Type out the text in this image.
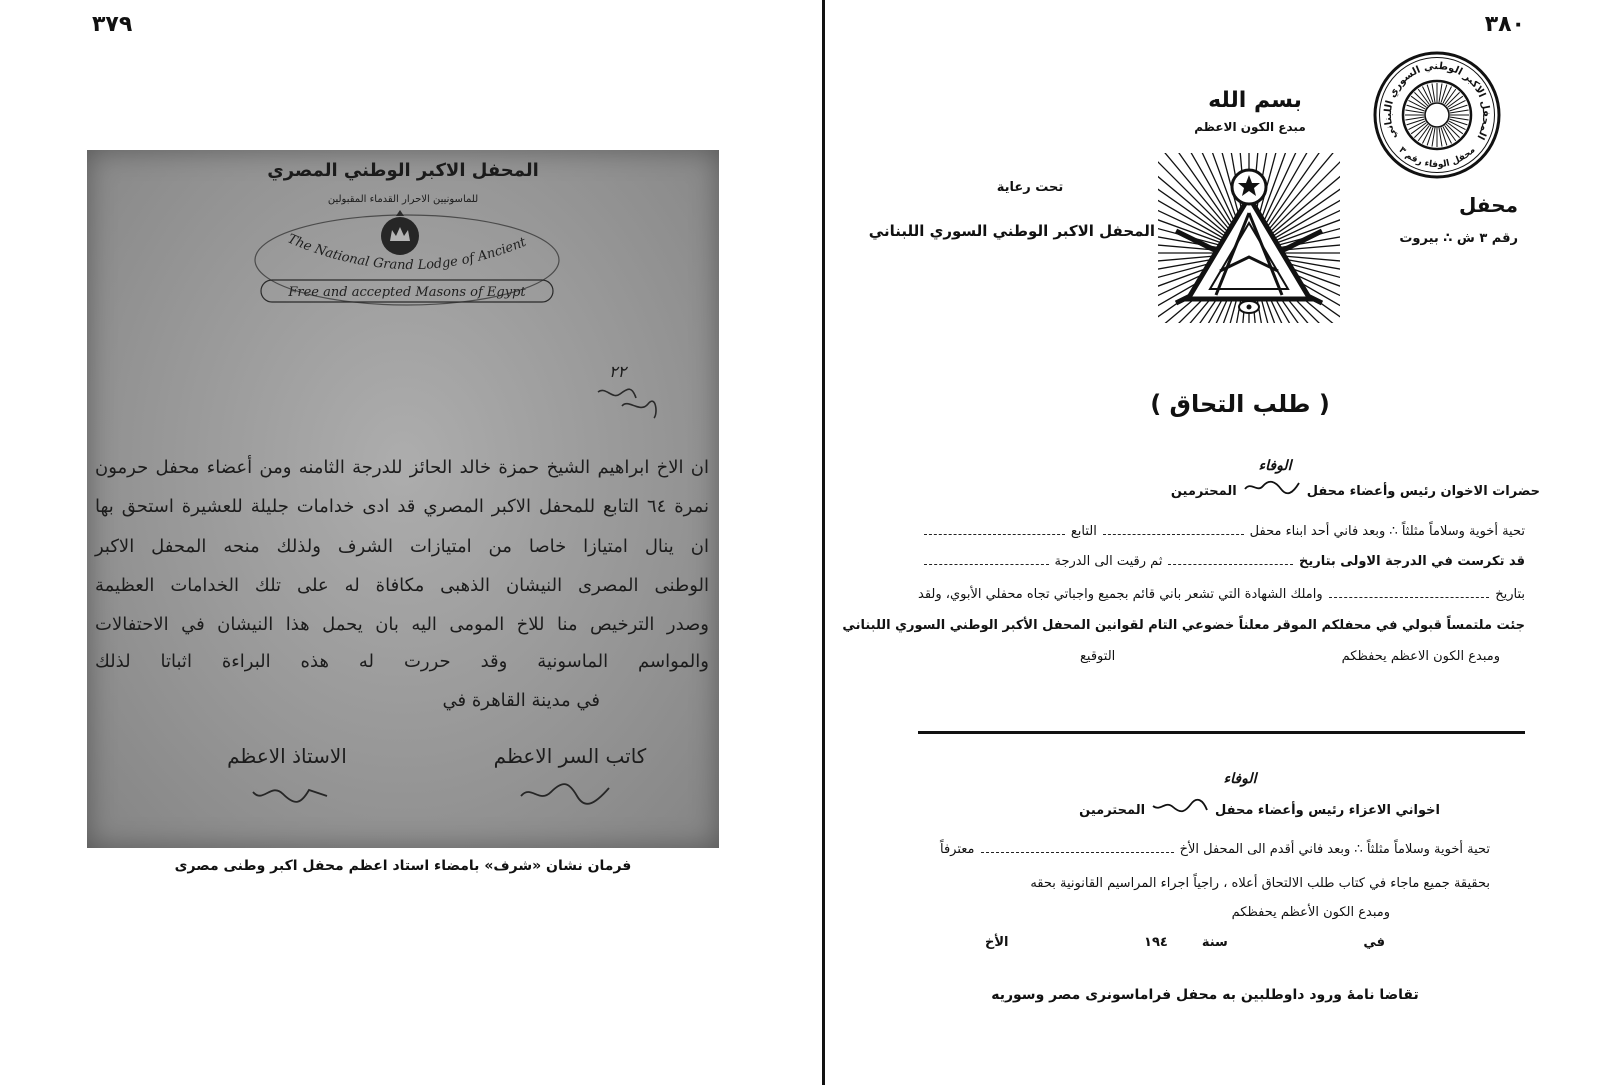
٣٧٩
المحفل الاكبر الوطني المصري
للماسونيين الاحرار القدماء المقبولين
The National Grand Lodge of Ancient
Free and accepted Masons of Egypt
٢٢
ان الاخ ابراهيم الشيخ حمزة خالد الحائز للدرجة الثامنه ومن أعضاء محفل حرمون
نمرة ٦٤ التابع للمحفل الاكبر المصري قد ادى خدامات جليلة للعشيرة استحق بها
ان ينال امتيازا خاصا من امتيازات الشرف ولذلك منحه المحفل الاكبر
الوطنى المصرى النيشان الذهبى مكافاة له على تلك الخدامات العظيمة
وصدر الترخيص منا للاخ المومى اليه بان يحمل هذا النيشان في الاحتفالات
والمواسم الماسونية وقد حررت له هذه البراءة اثباتا لذلك
في مدينة القاهرة في
كاتب السر الاعظم
الاستاذ الاعظم
فرمان نشان «شرف» بامضاء استاد اعظم محفل اكبر وطنى مصرى
٣٨٠
المحفل الاكبر الوطني السوري اللبناني
محفل الوفاء رقم ٣
بسم الله
مبدع الكون الاعظم
تحت رعاية
المحفل الاكبر الوطني السوري اللبناني
محفل
رقم ٣ ش ∴ بيروت
( طلب التحاق )
الوفاء
حضرات الاخوان رئيس وأعضاء محفل
المحترمين
تحية أخوية وسلاماً مثلثاً ∴ وبعد فاني أحد ابناء محفل
التابع
قد تكرست في الدرجة الاولى بتاريخ
ثم رقيت الى الدرجة
بتاريخ
واملك الشهادة التي تشعر باني قائم بجميع واجباتي تجاه محفلي الأبوي، ولقد
جئت ملتمساً قبولي في محفلكم الموقر معلناً خضوعي التام لقوانين المحفل الأكبر الوطني السوري اللبناني
ومبدع الكون الاعظم يحفظكم
التوقيع
الوفاء
اخواني الاعزاء رئيس وأعضاء محفل
المحترمين
تحية أخوية وسلاماً مثلثاً ∴ وبعد فاني أقدم الى المحفل الأخ
معترفاً
بحقيقة جميع ماجاء في كتاب طلب الالتحاق أعلاه ، راجياً اجراء المراسيم القانونية بحقه
ومبدع الكون الأعظم يحفظكم
في
سنة
١٩٤
الأخ
تقاضا نامهٔ ورود داوطلبين به محفل فراماسونرى مصر وسوريه
